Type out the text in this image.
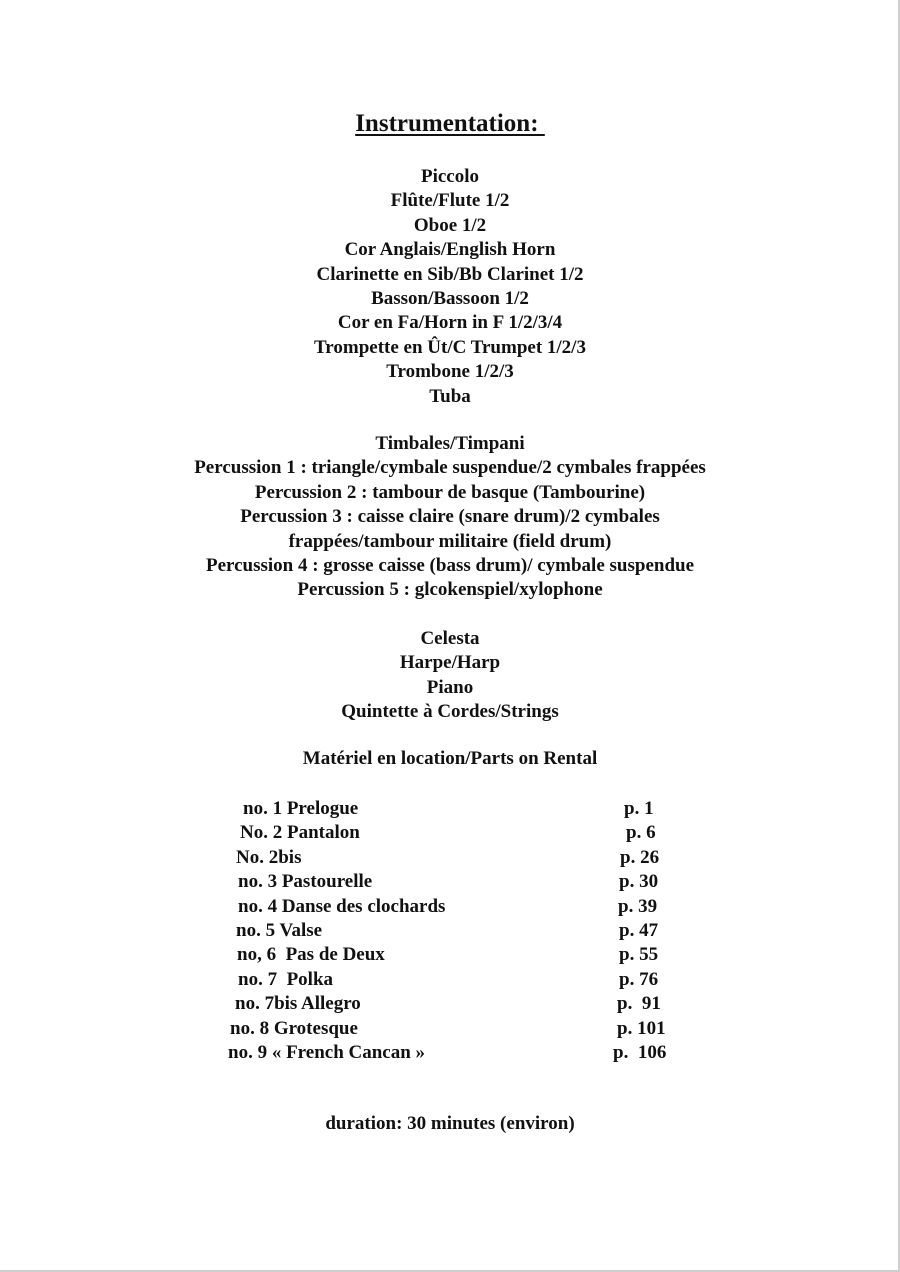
Instrumentation:
Piccolo
Flûte/Flute 1/2
Oboe 1/2
Cor Anglais/English Horn
Clarinette en Sib/Bb Clarinet 1/2
Basson/Bassoon 1/2
Cor en Fa/Horn in F 1/2/3/4
Trompette en Ût/C Trumpet 1/2/3
Trombone 1/2/3
Tuba
Timbales/Timpani
Percussion 1 : triangle/cymbale suspendue/2 cymbales frappées
Percussion 2 : tambour de basque (Tambourine)
Percussion 3 : caisse claire (snare drum)/2 cymbales
frappées/tambour militaire (field drum)
Percussion 4 : grosse caisse (bass drum)/ cymbale suspendue
Percussion 5 : glcokenspiel/xylophone
Celesta
Harpe/Harp
Piano
Quintette à Cordes/Strings
Matériel en location/Parts on Rental
no. 1 Prelogue	p. 1
No. 2 Pantalon	p. 6
No. 2bis	p. 26
no. 3 Pastourelle	p. 30
no. 4 Danse des clochards	p. 39
no. 5 Valse	p. 47
no, 6  Pas de Deux	p. 55
no. 7  Polka	p. 76
no. 7bis Allegro	p.  91
no. 8 Grotesque	p. 101
no. 9 « French Cancan »	p.  106
duration: 30 minutes (environ)
